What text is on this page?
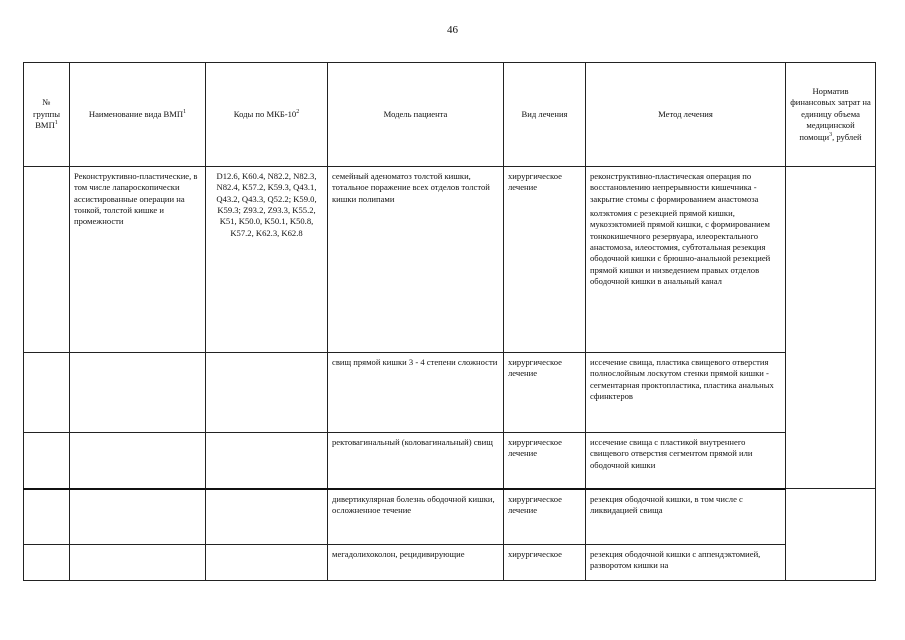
46
№ группы ВМП$^1$	Наименование вида ВМП$^1$	Коды по МКБ-$10^2$	Модель пациента	Вид лечения	Метод лечения	Норматив финансовых затрат на единицу объема медицинской помощи$^3$, рублей
	Реконструктивно-пластические, в том числе лапароскопически ассистированные операции на тонкой, толстой кишке и промежности	D12.6, K60.4, N82.2, N82.3, N82.4, K57.2, K59.3, Q43.1, Q43.2, Q43.3, Q52.2; K59.0, K59.3; Z93.2, Z93.3, K55.2, K51, K50.0, K50.1, K50.8, K57.2, K62.3, K62.8	семейный аденоматоз толстой кишки, тотальное поражение всех отделов толстой кишки полипами	хирургическое лечение	реконструктивно-пластическая операция по восстановлению непрерывности кишечника - закрытие стомы с формированием анастомоза

колэктомия с резекцией прямой кишки, мукозэктомией прямой кишки, с формированием тонкокишечного резервуара, илеоректального анастомоза, илеостомия, субтотальная резекция ободочной кишки с брюшно-анальной резекцией прямой кишки и низведением правых отделов ободочной кишки в анальный канал	

			свищ прямой кишки 3 - 4 степени сложности	хирургическое лечение	иссечение свища, пластика свищевого отверстия полнослойным лоскутом стенки прямой кишки - сегментарная проктопластика, пластика анальных сфинктеров	
			ректовагинальный (коловагинальный) свищ	хирургическое лечение	иссечение свища с пластикой внутреннего свищевого отверстия сегментом прямой или ободочной кишки	
			дивертикулярная болезнь ободочной кишки, осложненное течение	хирургическое лечение	резекция ободочной кишки, в том числе с ликвидацией свища	
			мегадолихоколон, рецидивирующие	хирургическое	резекция ободочной кишки с аппендэктомией, разворотом кишки на	
